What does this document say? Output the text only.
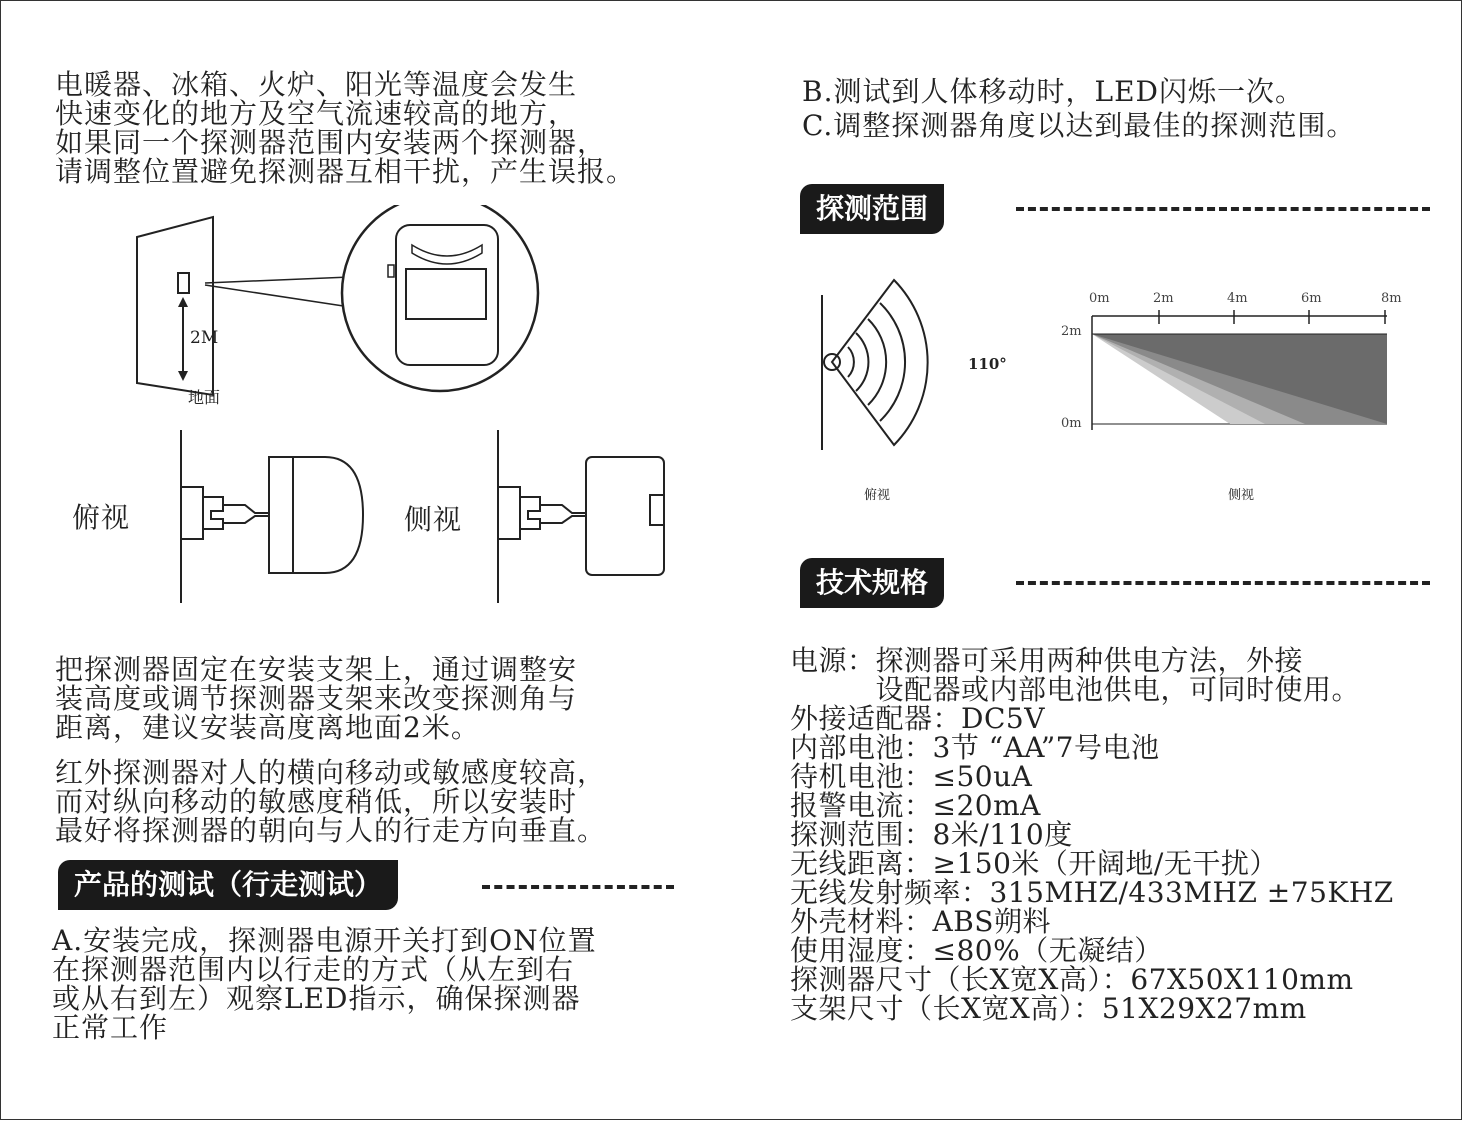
电暖器、冰箱、火炉、阳光等温度会发生

快速变化的地方及空气流速较高的地方，

如果同一个探测器范围内安装两个探测器，

请调整位置避免探测器互相干扰，产生误报。

2M
地面
俯视	侧视

把探测器固定在安装支架上，通过调整安

装高度或调节探测器支架来改变探测角与

距离，建议安装高度离地面2米。

红外探测器对人的横向移动或敏感度较高，

而对纵向移动的敏感度稍低，所以安装时

最好将探测器的朝向与人的行走方向垂直。

产品的测试（行走测试）

A.安装完成，探测器电源开关打到ON位置

在探测器范围内以行走的方式（从左到右

或从右到左）观察LED指示，确保探测器

正常工作

B.测试到人体移动时，LED闪烁一次。

C.调整探测器角度以达到最佳的探测范围。

探测范围
110°
俯视
0m	2m	4m	6m	8m
2m
0m
侧视
技术规格

电源：探测器可采用两种供电方法，外接

　　　设配器或内部电池供电，可同时使用。

外接适配器：DC5V

内部电池：3节 “AA”7号电池

待机电池：≤50uA

报警电流：≤20mA

探测范围：8米/110度

无线距离：≥150米（开阔地/无干扰）

无线发射频率：315MHZ/433MHZ ±75KHZ

外壳材料：ABS朔料

使用湿度：≤80%（无凝结）

探测器尺寸（长X宽X高）：67X50X110mm

支架尺寸（长X宽X高）：51X29X27mm
